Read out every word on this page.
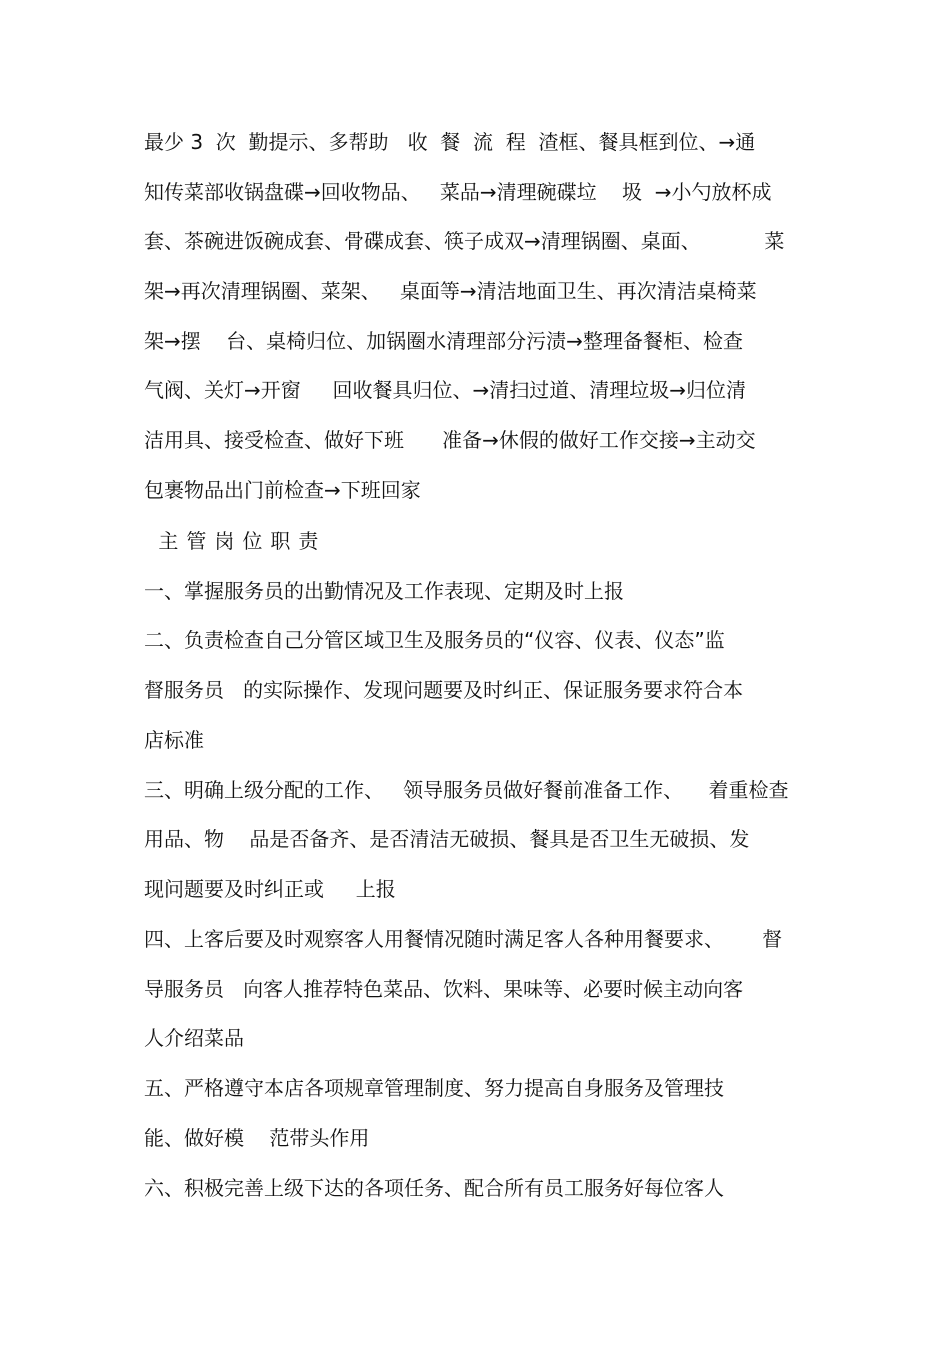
最少 3  次  勤提示、多帮助   收  餐  流  程  渣框、餐具框到位、→通
知传菜部收锅盘碟→回收物品、   菜品→清理碗碟垃    圾  →小勺放杯成
套、茶碗进饭碗成套、骨碟成套、筷子成双→清理锅圈、桌面、          菜
架→再次清理锅圈、菜架、   桌面等→清洁地面卫生、再次清洁桌椅菜
架→摆    台、桌椅归位、加锅圈水清理部分污渍→整理备餐柜、检查
气阀、关灯→开窗     回收餐具归位、→清扫过道、清理垃圾→归位清
洁用具、接受检查、做好下班      准备→休假的做好工作交接→主动交
包裹物品出门前检查→下班回家
主管岗位职责
一、掌握服务员的出勤情况及工作表现、定期及时上报
二、负责检查自己分管区域卫生及服务员的“仪容、仪表、仪态”监
督服务员   的实际操作、发现问题要及时纠正、保证服务要求符合本
店标准
三、明确上级分配的工作、   领导服务员做好餐前准备工作、    着重检查
用品、物    品是否备齐、是否清洁无破损、餐具是否卫生无破损、发
现问题要及时纠正或     上报
四、上客后要及时观察客人用餐情况随时满足客人各种用餐要求、      督
导服务员   向客人推荐特色菜品、饮料、果味等、必要时候主动向客
人介绍菜品
五、严格遵守本店各项规章管理制度、努力提高自身服务及管理技
能、做好模    范带头作用
六、积极完善上级下达的各项任务、配合所有员工服务好每位客人
